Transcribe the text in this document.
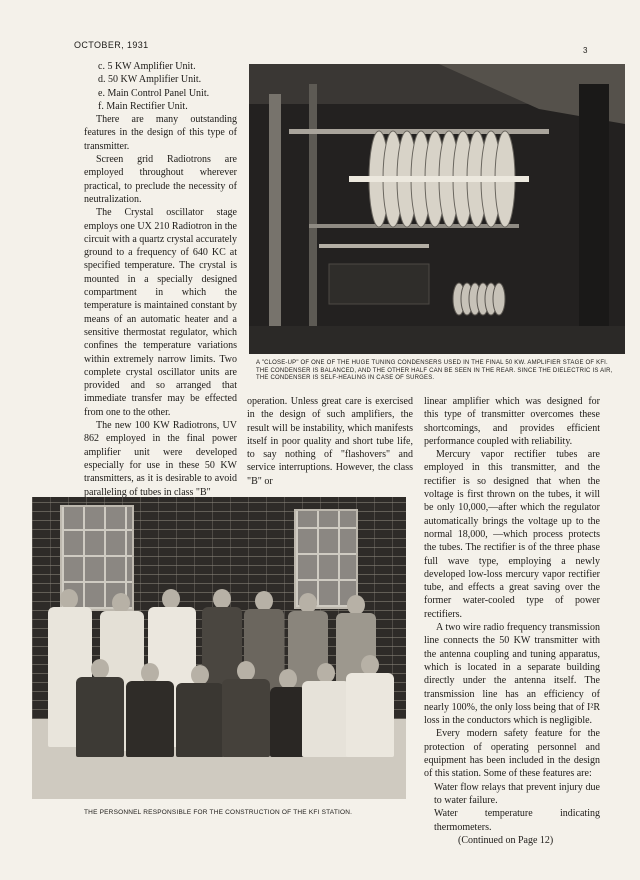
OCTOBER, 1931
3
c. 5 KW Amplifier Unit.
d. 50 KW Amplifier Unit.
e. Main Control Panel Unit.
f. Main Rectifier Unit.

There are many outstanding features in the design of this type of transmitter.

Screen grid Radiotrons are employed throughout wherever practical, to preclude the necessity of neutralization.

The Crystal oscillator stage employs one UX 210 Radiotron in the circuit with a quartz crystal accurately ground to a frequency of 640 KC at specified temperature. The crystal is mounted in a specially designed compartment in which the temperature is maintained constant by means of an automatic heater and a sensitive thermostat regulator, which confines the temperature variations within extremely narrow limits. Two complete crystal oscillator units are provided and so arranged that immediate transfer may be effected from one to the other.

The new 100 KW Radiotrons, UV 862 employed in the final power amplifier unit were developed especially for use in these 50 KW transmitters, as it is desirable to avoid paralleling of tubes in class "B"

A "CLOSE-UP" OF ONE OF THE HUGE TUNING CONDENSERS USED IN THE FINAL 50 KW. AMPLIFIER STAGE OF KFI. THE CONDENSER IS BALANCED, AND THE OTHER HALF CAN BE SEEN IN THE REAR. SINCE THE DIELECTRIC IS AIR, THE CONDENSER IS SELF-HEALING IN CASE OF SURGES.

operation. Unless great care is exercised in the design of such amplifiers, the result will be instability, which manifests itself in poor quality and short tube life, to say nothing of "flashovers" and service interruptions. However, the class "B" or

linear amplifier which was designed for this type of transmitter overcomes these shortcomings, and provides efficient performance coupled with reliability.

Mercury vapor rectifier tubes are employed in this transmitter, and the rectifier is so designed that when the voltage is first thrown on the tubes, it will be only 10,000,—after which the regulator automatically brings the voltage up to the normal 18,000, —which process protects the tubes. The rectifier is of the three phase full wave type, employing a newly developed low-loss mercury vapor rectifier tube, and effects a great saving over the former water-cooled type of power rectifiers.

A two wire radio frequency transmission line connects the 50 KW transmitter with the antenna coupling and tuning apparatus, which is located in a separate building directly under the antenna itself. The transmission line has an efficiency of nearly 100%, the only loss being that of I²R loss in the conductors which is negligible.

Every modern safety feature for the protection of operating personnel and equipment has been included in the design of this station. Some of these features are:

Water flow relays that prevent injury due to water failure.
Water temperature indicating thermometers.
(Continued on Page 12)
THE PERSONNEL RESPONSIBLE FOR THE CONSTRUCTION OF THE KFI STATION.
